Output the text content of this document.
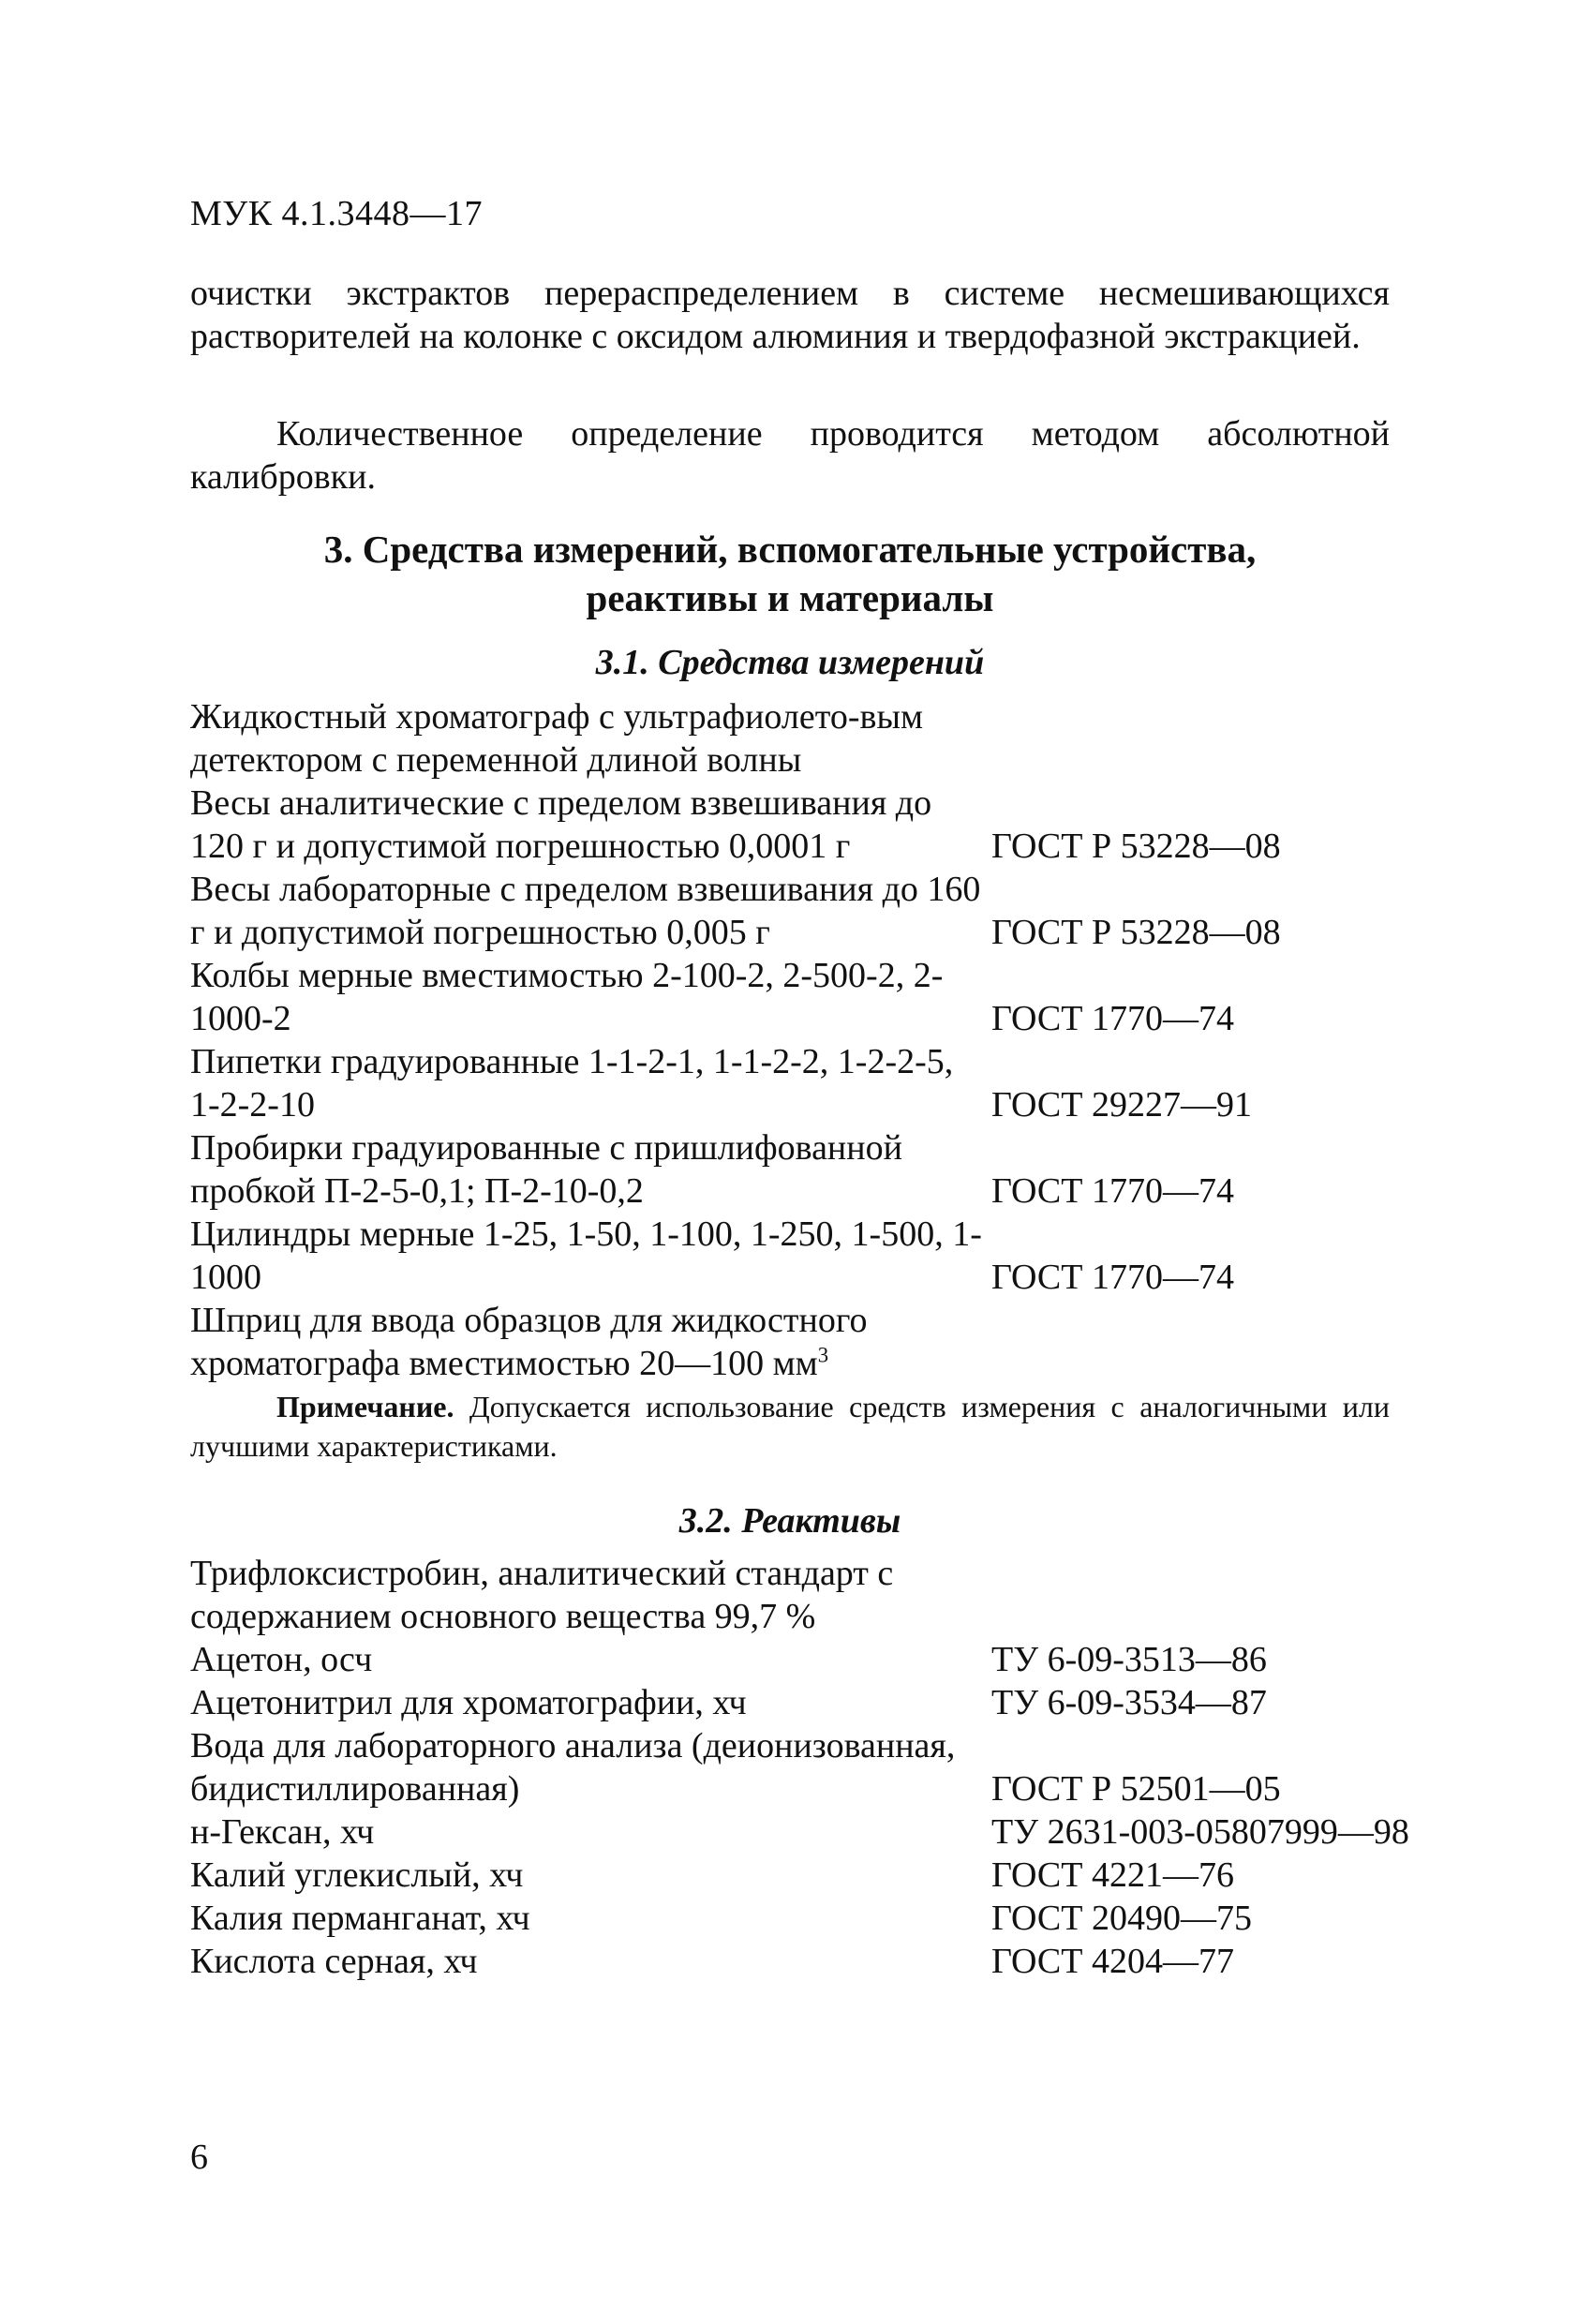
МУК 4.1.3448—17

очистки экстрактов перераспределением в системе несмешивающихся растворителей на колонке с оксидом алюминия и твердофазной экстракцией.

Количественное определение проводится методом абсолютной калибровки.

3. Средства измерений, вспомогательные устройства,
реактивы и материалы
3.1. Средства измерений
Жидкостный хроматограф с ультрафиолето-вым детектором с переменной длиной волны
Весы аналитические с пределом взвешивания до 120 г и допустимой погрешностью 0,0001 г	ГОСТ Р 53228—08
Весы лабораторные с пределом взвешивания до 160 г и допустимой погрешностью 0,005 г	ГОСТ Р 53228—08
Колбы мерные вместимостью 2-100-2, 2-500-2, 2-1000-2	ГОСТ 1770—74
Пипетки градуированные 1-1-2-1, 1-1-2-2, 1-2-2-5, 1-2-2-10	ГОСТ 29227—91
Пробирки градуированные с пришлифованной пробкой П-2-5-0,1; П-2-10-0,2	ГОСТ 1770—74
Цилиндры мерные 1-25, 1-50, 1-100, 1-250, 1-500, 1-1000	ГОСТ 1770—74
Шприц для ввода образцов для жидкостного хроматографа вместимостью 20—100 $мм^3$

Примечание. Допускается использование средств измерения с аналогичными или лучшими характеристиками.

3.2. Реактивы
Трифлоксистробин, аналитический стандарт с содержанием основного вещества 99,7 %
Ацетон, осч	ТУ 6-09-3513—86
Ацетонитрил для хроматографии, хч	ТУ 6-09-3534—87
Вода для лабораторного анализа (деионизованная, бидистиллированная)	ГОСТ Р 52501—05
н-Гексан, хч	ТУ 2631-003-05807999—98
Калий углекислый, хч	ГОСТ 4221—76
Калия перманганат, хч	ГОСТ 20490—75
Кислота серная, хч	ГОСТ 4204—77
6
